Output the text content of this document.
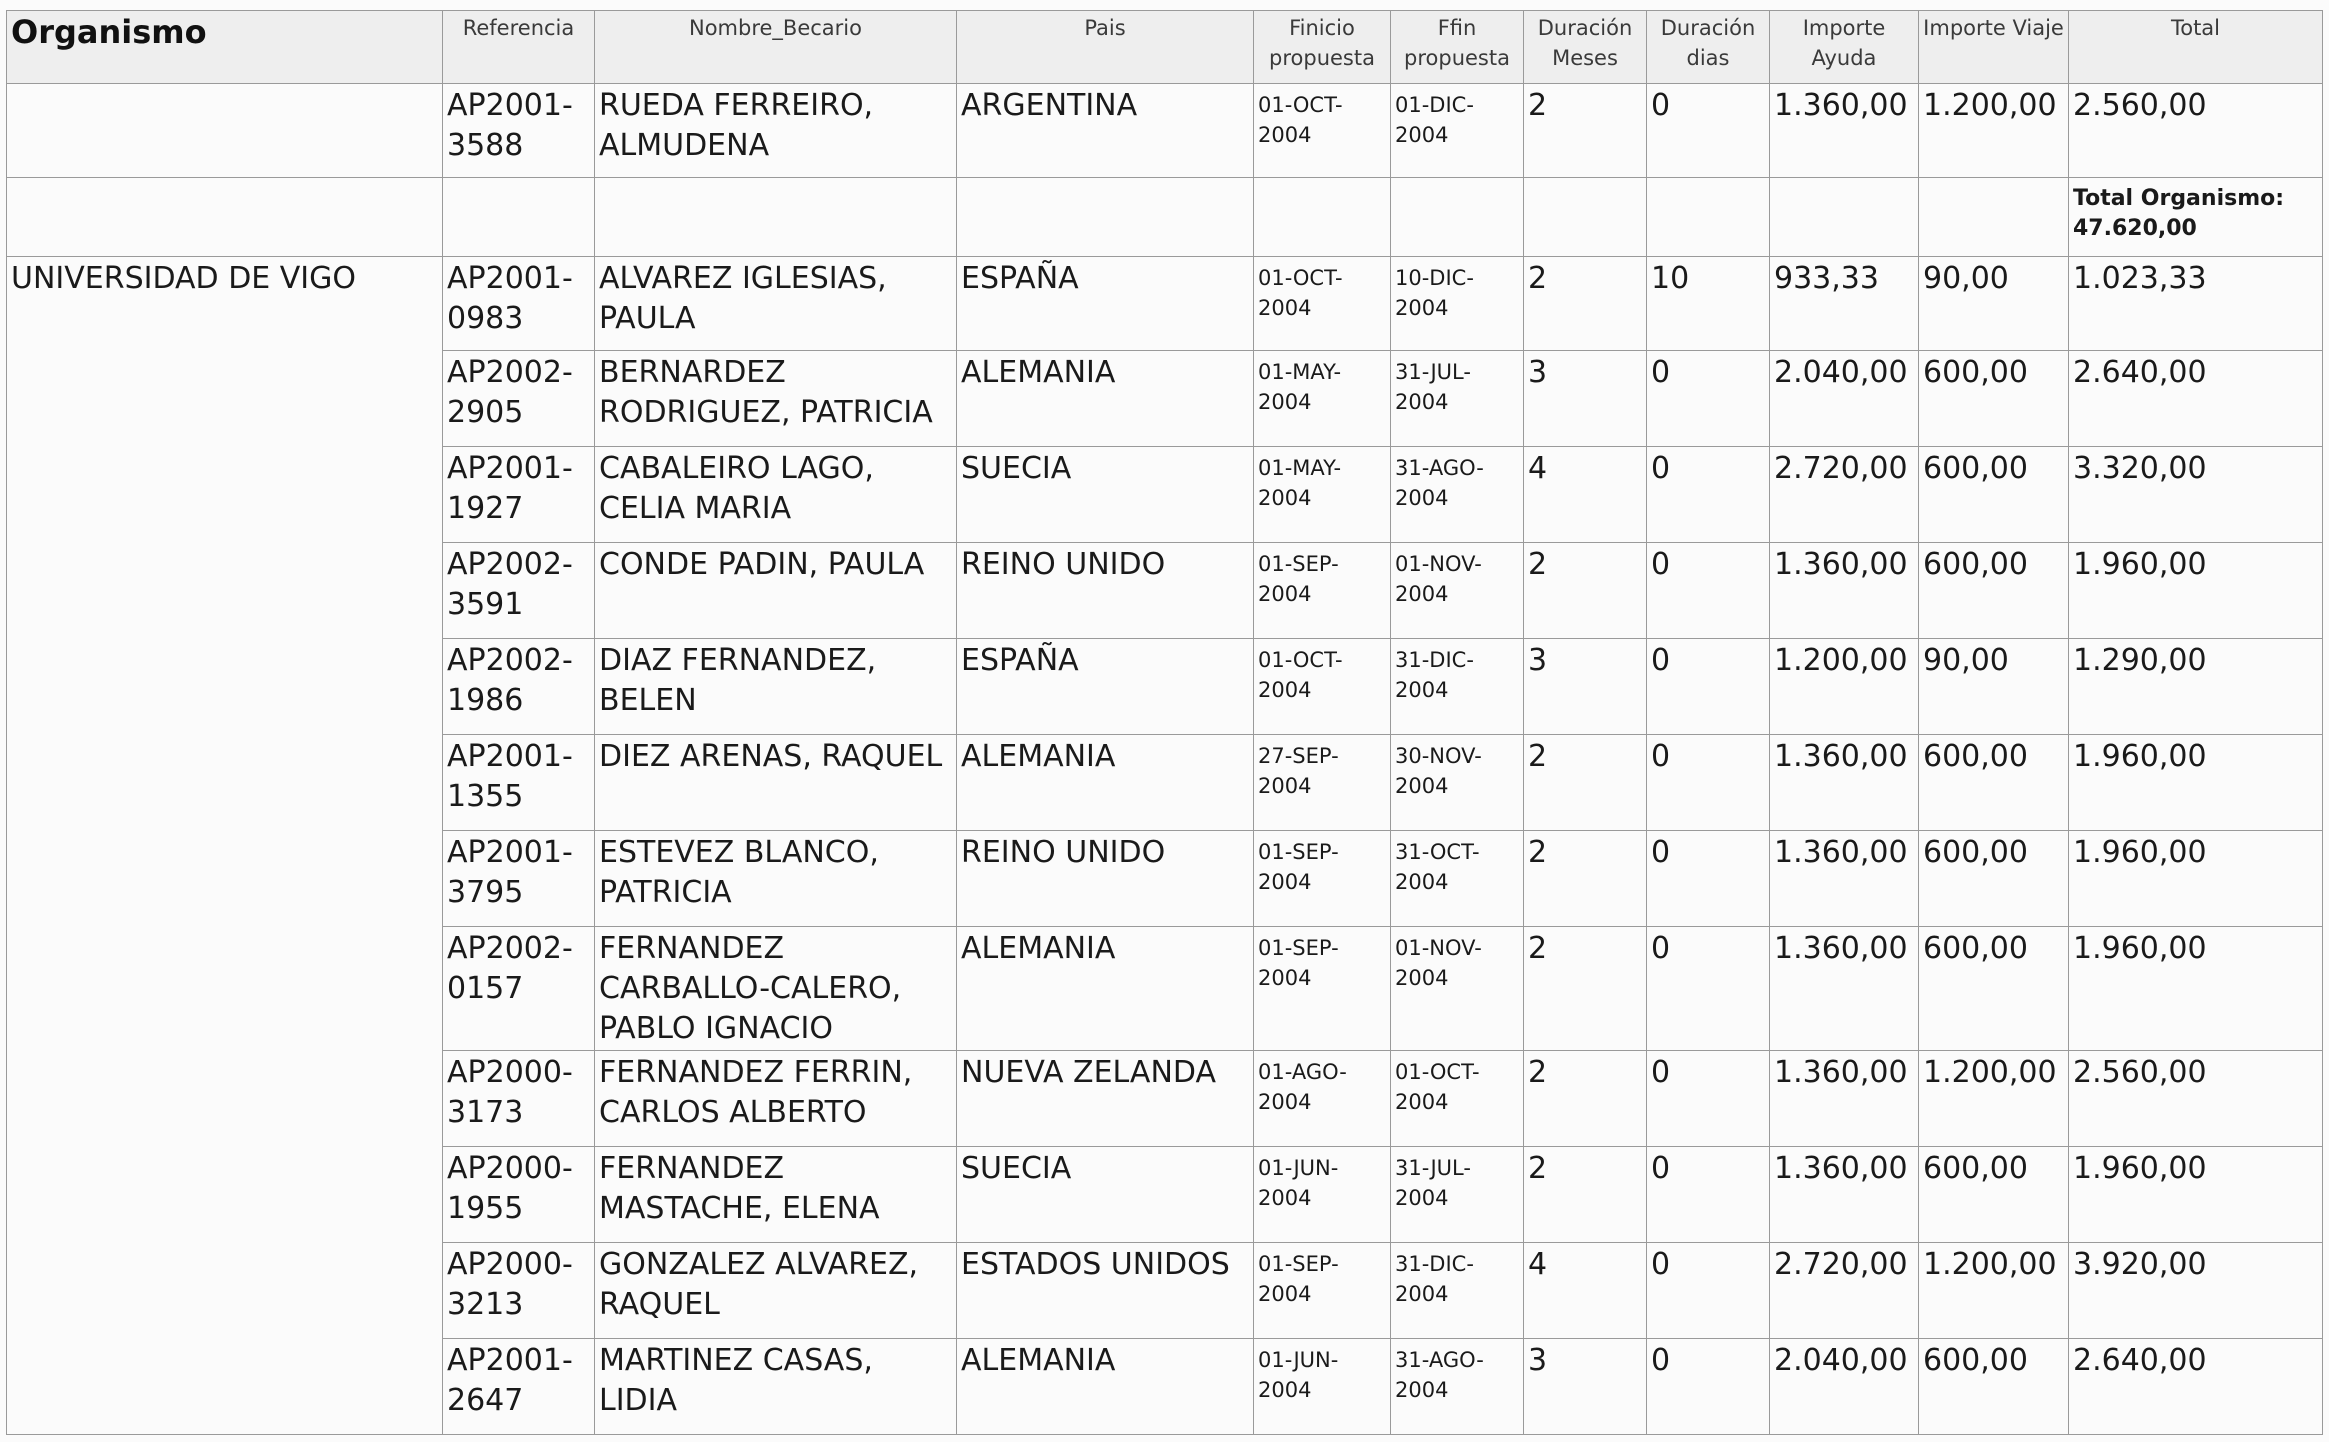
Organismo	Referencia	Nombre_Becario	Pais	Finicio propuesta	Ffin propuesta	Duración Meses	Duración dias	Importe Ayuda	Importe Viaje	Total
	AP2001-3588	RUEDA FERREIRO, ALMUDENA	ARGENTINA	01-OCT-2004	01-DIC-2004	2	0	1.360,00	1.200,00	2.560,00
										Total Organismo: 47.620,00
UNIVERSIDAD DE VIGO	AP2001-0983	ALVAREZ IGLESIAS, PAULA	ESPAÑA	01-OCT-2004	10-DIC-2004	2	10	933,33	90,00	1.023,33
	AP2002-2905	BERNARDEZ RODRIGUEZ, PATRICIA	ALEMANIA	01-MAY-2004	31-JUL-2004	3	0	2.040,00	600,00	2.640,00
	AP2001-1927	CABALEIRO LAGO, CELIA MARIA	SUECIA	01-MAY-2004	31-AGO-2004	4	0	2.720,00	600,00	3.320,00
	AP2002-3591	CONDE PADIN, PAULA	REINO UNIDO	01-SEP-2004	01-NOV-2004	2	0	1.360,00	600,00	1.960,00
	AP2002-1986	DIAZ FERNANDEZ, BELEN	ESPAÑA	01-OCT-2004	31-DIC-2004	3	0	1.200,00	90,00	1.290,00
	AP2001-1355	DIEZ ARENAS, RAQUEL	ALEMANIA	27-SEP-2004	30-NOV-2004	2	0	1.360,00	600,00	1.960,00
	AP2001-3795	ESTEVEZ BLANCO, PATRICIA	REINO UNIDO	01-SEP-2004	31-OCT-2004	2	0	1.360,00	600,00	1.960,00
	AP2002-0157	FERNANDEZ CARBALLO-CALERO, PABLO IGNACIO	ALEMANIA	01-SEP-2004	01-NOV-2004	2	0	1.360,00	600,00	1.960,00
	AP2000-3173	FERNANDEZ FERRIN, CARLOS ALBERTO	NUEVA ZELANDA	01-AGO-2004	01-OCT-2004	2	0	1.360,00	1.200,00	2.560,00
	AP2000-1955	FERNANDEZ MASTACHE, ELENA	SUECIA	01-JUN-2004	31-JUL-2004	2	0	1.360,00	600,00	1.960,00
	AP2000-3213	GONZALEZ ALVAREZ, RAQUEL	ESTADOS UNIDOS	01-SEP-2004	31-DIC-2004	4	0	2.720,00	1.200,00	3.920,00
	AP2001-2647	MARTINEZ CASAS, LIDIA	ALEMANIA	01-JUN-2004	31-AGO-2004	3	0	2.040,00	600,00	2.640,00
